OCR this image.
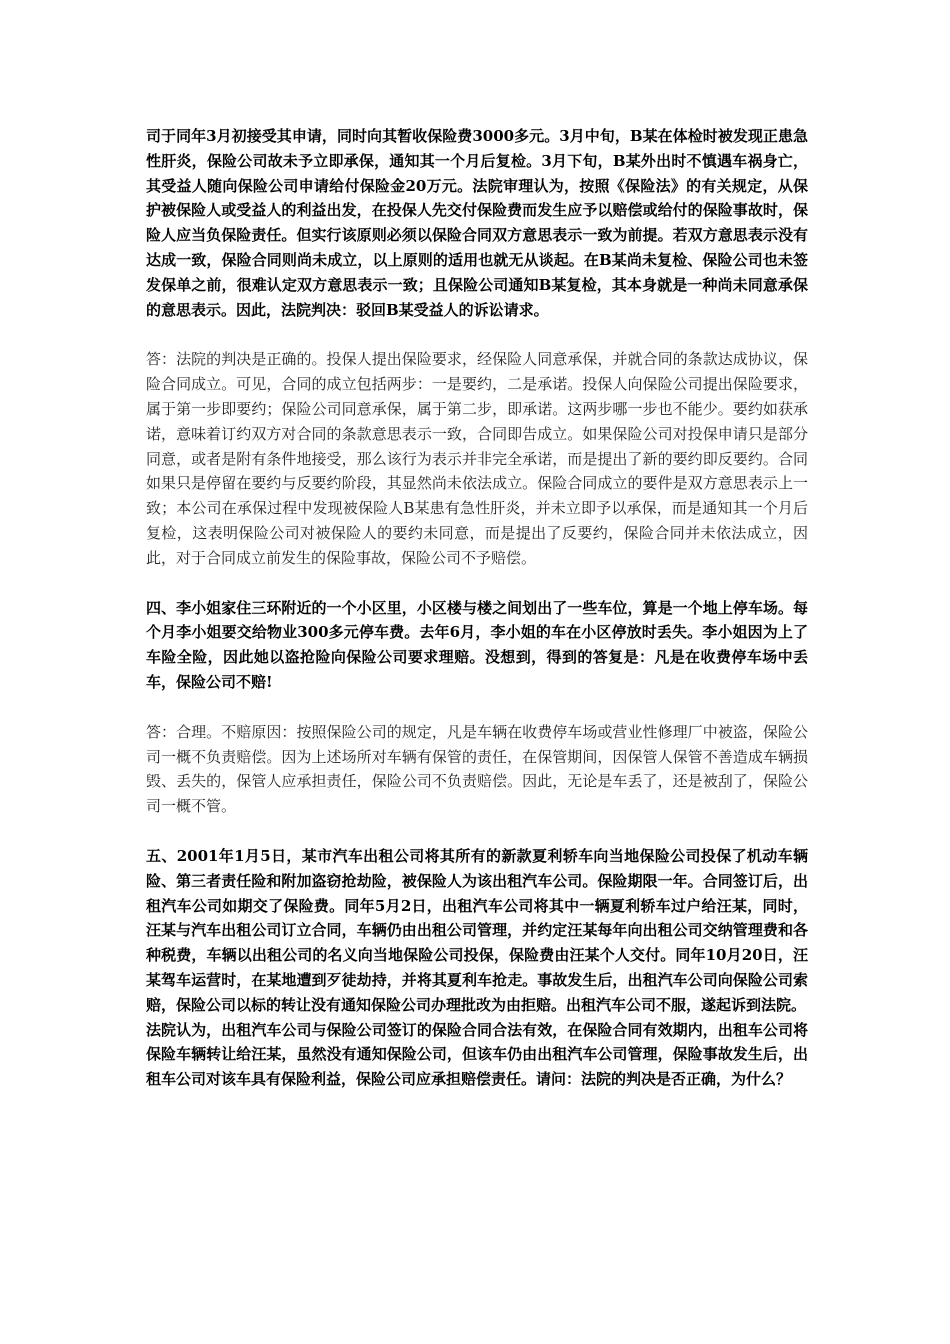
司于同年3月初接受其申请，同时向其暂收保险费3000多元。3月中旬，B某在体检时被发现正患急性肝炎，保险公司故未予立即承保，通知其一个月后复检。3月下旬，B某外出时不慎遇车祸身亡，其受益人随向保险公司申请给付保险金20万元。法院审理认为，按照《保险法》的有关规定，从保护被保险人或受益人的利益出发，在投保人先交付保险费而发生应予以赔偿或给付的保险事故时，保险人应当负保险责任。但实行该原则必须以保险合同双方意思表示一致为前提。若双方意思表示没有达成一致，保险合同则尚未成立，以上原则的适用也就无从谈起。在B某尚未复检、保险公司也未签发保单之前，很难认定双方意思表示一致；且保险公司通知B某复检，其本身就是一种尚未同意承保的意思表示。因此，法院判决：驳回B某受益人的诉讼请求。

答：法院的判决是正确的。投保人提出保险要求，经保险人同意承保，并就合同的条款达成协议，保险合同成立。可见，合同的成立包括两步：一是要约，二是承诺。投保人向保险公司提出保险要求，属于第一步即要约；保险公司同意承保，属于第二步，即承诺。这两步哪一步也不能少。要约如获承诺，意味着订约双方对合同的条款意思表示一致，合同即告成立。如果保险公司对投保申请只是部分同意，或者是附有条件地接受，那么该行为表示并非完全承诺，而是提出了新的要约即反要约。合同如果只是停留在要约与反要约阶段，其显然尚未依法成立。保险合同成立的要件是双方意思表示上一致；本公司在承保过程中发现被保险人B某患有急性肝炎，并未立即予以承保，而是通知其一个月后复检，这表明保险公司对被保险人的要约未同意，而是提出了反要约，保险合同并未依法成立，因此，对于合同成立前发生的保险事故，保险公司不予赔偿。

四、李小姐家住三环附近的一个小区里，小区楼与楼之间划出了一些车位，算是一个地上停车场。每个月李小姐要交给物业300多元停车费。去年6月，李小姐的车在小区停放时丢失。李小姐因为上了车险全险，因此她以盗抢险向保险公司要求理赔。没想到，得到的答复是：凡是在收费停车场中丢车，保险公司不赔!

答：合理。不赔原因：按照保险公司的规定，凡是车辆在收费停车场或营业性修理厂中被盗，保险公司一概不负责赔偿。因为上述场所对车辆有保管的责任，在保管期间，因保管人保管不善造成车辆损毁、丢失的，保管人应承担责任，保险公司不负责赔偿。因此，无论是车丢了，还是被刮了，保险公司一概不管。

五、2001年1月5日，某市汽车出租公司将其所有的新款夏利轿车向当地保险公司投保了机动车辆险、第三者责任险和附加盗窃抢劫险，被保险人为该出租汽车公司。保险期限一年。合同签订后，出租汽车公司如期交了保险费。同年5月2日，出租汽车公司将其中一辆夏利轿车过户给汪某，同时，汪某与汽车出租公司订立合同，车辆仍由出租公司管理，并约定汪某每年向出租公司交纳管理费和各种税费，车辆以出租公司的名义向当地保险公司投保，保险费由汪某个人交付。同年10月20日，汪某驾车运营时，在某地遭到歹徒劫持，并将其夏利车抢走。事故发生后，出租汽车公司向保险公司索赔，保险公司以标的转让没有通知保险公司办理批改为由拒赔。出租汽车公司不服，遂起诉到法院。

法院认为，出租汽车公司与保险公司签订的保险合同合法有效，在保险合同有效期内，出租车公司将保险车辆转让给汪某，虽然没有通知保险公司，但该车仍由出租汽车公司管理，保险事故发生后，出租车公司对该车具有保险利益，保险公司应承担赔偿责任。请问：法院的判决是否正确，为什么？
